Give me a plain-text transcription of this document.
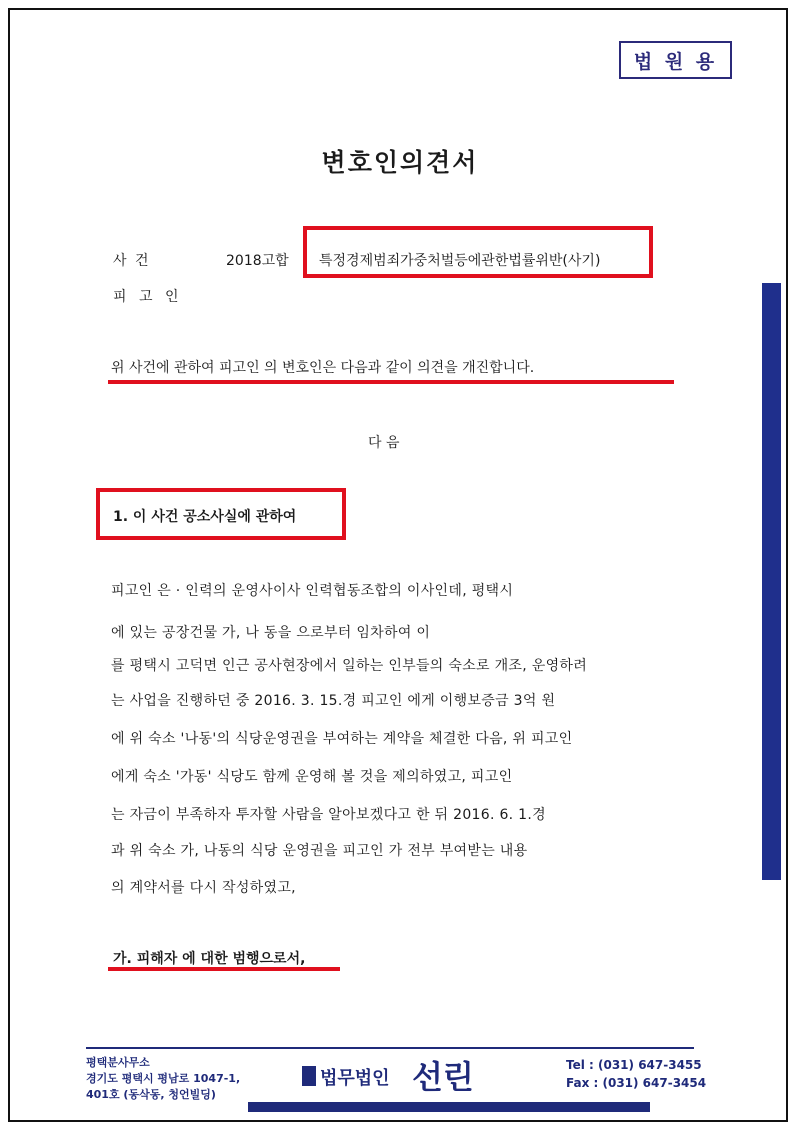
법 원 용
변호인의견서
사 건	2018고합 특정경제범죄가중처벌등에관한법률위반(사기)
피 고 인
위 사건에 관하여 피고인 의 변호인은 다음과 같이 의견을 개진합니다.
다 음
1. 이 사건 공소사실에 관하여
피고인 은 · 인력의 운영사이사 인력협동조합의 이사인데, 평택시
에 있는 공장건물 가, 나 동을 으로부터 임차하여 이
를 평택시 고덕면 인근 공사현장에서 일하는 인부들의 숙소로 개조, 운영하려
는 사업을 진행하던 중 2016. 3. 15.경 피고인 에게 이행보증금 3억 원
에 위 숙소 '나동'의 식당운영권을 부여하는 계약을 체결한 다음, 위 피고인
에게 숙소 '가동' 식당도 함께 운영해 볼 것을 제의하였고, 피고인
는 자금이 부족하자 투자할 사람을 알아보겠다고 한 뒤 2016. 6. 1.경
과 위 숙소 가, 나동의 식당 운영권을 피고인 가 전부 부여받는 내용
의 계약서를 다시 작성하였고,
가. 피해자 에 대한 범행으로서,
평택분사무소
경기도 평택시 평남로 1047-1,
401호 (동삭동, 청언빌딩)
법무법인 선린	Tel : (031) 647-3455
Fax : (031) 647-3454
